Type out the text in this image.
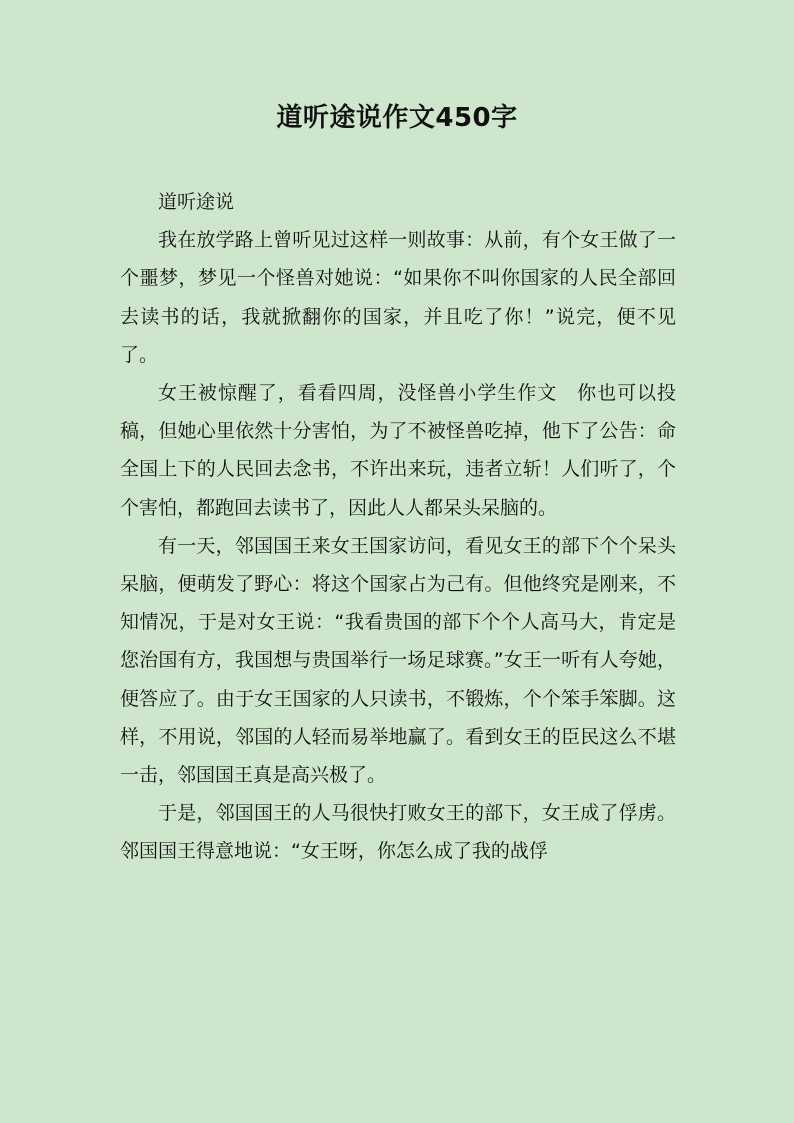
道听途说作文450字

道听途说

我在放学路上曾听见过这样一则故事：从前，有个女王做了一个噩梦，梦见一个怪兽对她说：“如果你不叫你国家的人民全部回去读书的话，我就掀翻你的国家，并且吃了你！”说完，便不见了。

女王被惊醒了，看看四周，没怪兽小学生作文　你也可以投稿，但她心里依然十分害怕，为了不被怪兽吃掉，他下了公告：命全国上下的人民回去念书，不许出来玩，违者立斩！人们听了，个个害怕，都跑回去读书了，因此人人都呆头呆脑的。

有一天，邻国国王来女王国家访问，看见女王的部下个个呆头呆脑，便萌发了野心：将这个国家占为己有。但他终究是刚来，不知情况，于是对女王说：“我看贵国的部下个个人高马大，肯定是您治国有方，我国想与贵国举行一场足球赛。”女王一听有人夸她，便答应了。由于女王国家的人只读书，不锻炼，个个笨手笨脚。这样，不用说，邻国的人轻而易举地赢了。看到女王的臣民这么不堪一击，邻国国王真是高兴极了。

于是，邻国国王的人马很快打败女王的部下，女王成了俘虏。邻国国王得意地说：“女王呀，你怎么成了我的战俘
